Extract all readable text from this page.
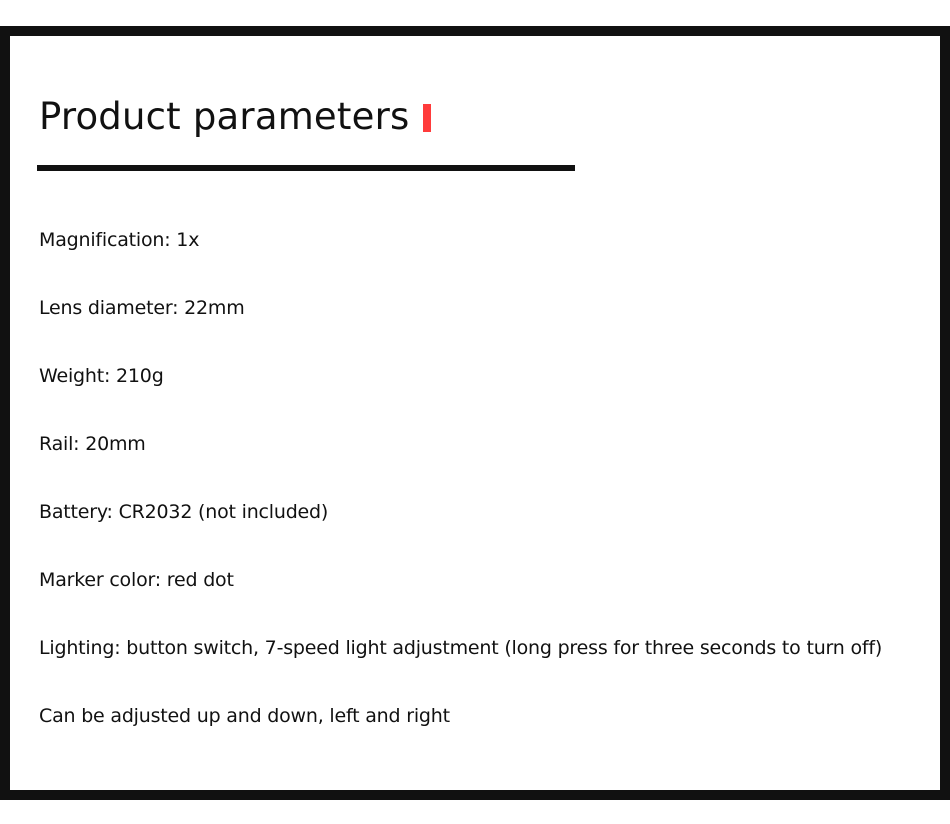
Product parameters
Magnification: 1x
Lens diameter: 22mm
Weight: 210g
Rail: 20mm
Battery: CR2032 (not included)
Marker color: red dot
Lighting: button switch, 7-speed light adjustment (long press for three seconds to turn off)
Can be adjusted up and down, left and right
